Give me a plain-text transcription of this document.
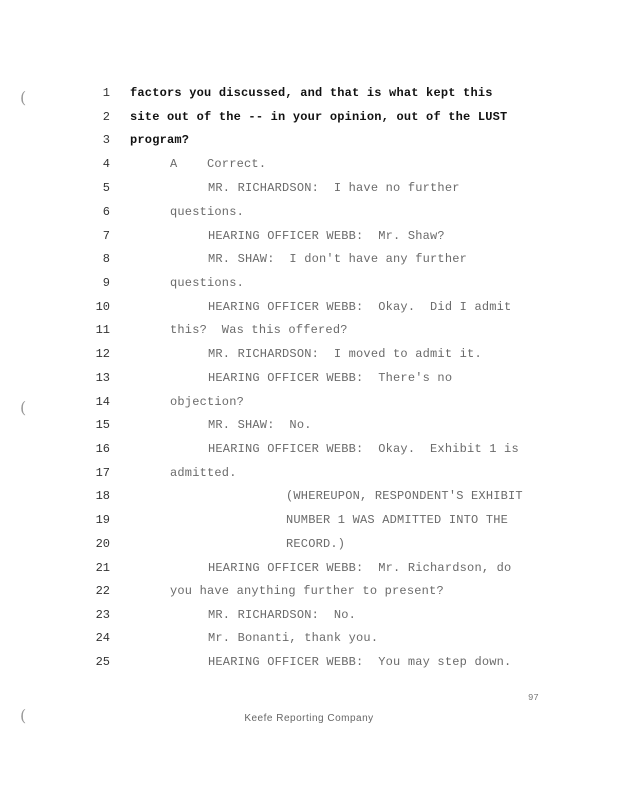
(
(
(
1 factors you discussed, and that is what kept this
2 site out of the -- in your opinion, out of the LUST
3 program?
4	A    Correct.
5	MR. RICHARDSON:  I have no further
6	questions.
7	HEARING OFFICER WEBB:  Mr. Shaw?
8	MR. SHAW:  I don't have any further
9	questions.
10	HEARING OFFICER WEBB:  Okay.  Did I admit
11	this?  Was this offered?
12	MR. RICHARDSON:  I moved to admit it.
13	HEARING OFFICER WEBB:  There's no
14	objection?
15	MR. SHAW:  No.
16	HEARING OFFICER WEBB:  Okay.  Exhibit 1 is
17	admitted.
18	(WHEREUPON, RESPONDENT'S EXHIBIT
19	NUMBER 1 WAS ADMITTED INTO THE
20	RECORD.)
21	HEARING OFFICER WEBB:  Mr. Richardson, do
22	you have anything further to present?
23	MR. RICHARDSON:  No.
24	Mr. Bonanti, thank you.
25	HEARING OFFICER WEBB:  You may step down.
97
Keefe Reporting Company
